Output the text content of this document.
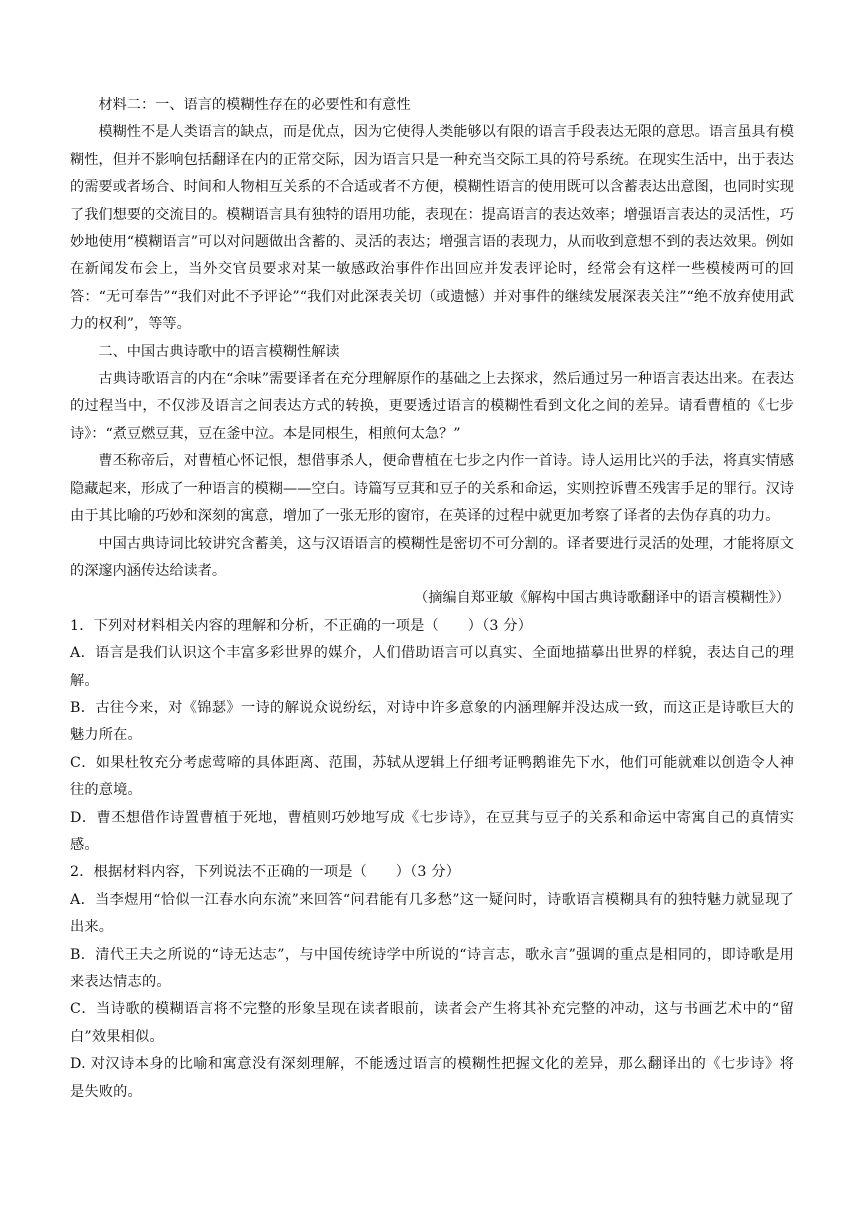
材料二：一、语言的模糊性存在的必要性和有意性

模糊性不是人类语言的缺点，而是优点，因为它使得人类能够以有限的语言手段表达无限的意思。语言虽具有模糊性，但并不影响包括翻译在内的正常交际，因为语言只是一种充当交际工具的符号系统。在现实生活中，出于表达的需要或者场合、时间和人物相互关系的不合适或者不方便，模糊性语言的使用既可以含蓄表达出意图，也同时实现了我们想要的交流目的。模糊语言具有独特的语用功能，表现在：提高语言的表达效率；增强语言表达的灵活性，巧妙地使用“模糊语言”可以对问题做出含蓄的、灵活的表达；增强言语的表现力，从而收到意想不到的表达效果。例如在新闻发布会上，当外交官员要求对某一敏感政治事件作出回应并发表评论时，经常会有这样一些模棱两可的回答：“无可奉告”“我们对此不予评论”“我们对此深表关切（或遗憾）并对事件的继续发展深表关注”“绝不放弃使用武力的权利”，等等。

二、中国古典诗歌中的语言模糊性解读

古典诗歌语言的内在“余味”需要译者在充分理解原作的基础之上去探求，然后通过另一种语言表达出来。在表达的过程当中，不仅涉及语言之间表达方式的转换，更要透过语言的模糊性看到文化之间的差异。请看曹植的《七步诗》：“煮豆燃豆萁，豆在釜中泣。本是同根生，相煎何太急？”

曹丕称帝后，对曹植心怀记恨，想借事杀人，便命曹植在七步之内作一首诗。诗人运用比兴的手法，将真实情感隐藏起来，形成了一种语言的模糊——空白。诗篇写豆萁和豆子的关系和命运，实则控诉曹丕残害手足的罪行。汉诗由于其比喻的巧妙和深刻的寓意，增加了一张无形的窗帘，在英译的过程中就更加考察了译者的去伪存真的功力。

中国古典诗词比较讲究含蓄美，这与汉语语言的模糊性是密切不可分割的。译者要进行灵活的处理，才能将原文的深邃内涵传达给读者。

（摘编自郑亚敏《解构中国古典诗歌翻译中的语言模糊性》）

1．下列对材料相关内容的理解和分析，不正确的一项是（　　）（3 分）

A．语言是我们认识这个丰富多彩世界的媒介，人们借助语言可以真实、全面地描摹出世界的样貌，表达自己的理解。

B．古往今来，对《锦瑟》一诗的解说众说纷纭，对诗中许多意象的内涵理解并没达成一致，而这正是诗歌巨大的魅力所在。

C．如果杜牧充分考虑莺啼的具体距离、范围，苏轼从逻辑上仔细考证鸭鹅谁先下水，他们可能就难以创造令人神往的意境。

D．曹丕想借作诗置曹植于死地，曹植则巧妙地写成《七步诗》，在豆萁与豆子的关系和命运中寄寓自己的真情实感。

2．根据材料内容，下列说法不正确的一项是（　　）（3 分）

A．当李煜用“恰似一江春水向东流”来回答“问君能有几多愁”这一疑问时，诗歌语言模糊具有的独特魅力就显现了出来。

B．清代王夫之所说的“诗无达志”，与中国传统诗学中所说的“诗言志，歌永言”强调的重点是相同的，即诗歌是用来表达情志的。

C．当诗歌的模糊语言将不完整的形象呈现在读者眼前，读者会产生将其补充完整的冲动，这与书画艺术中的“留白”效果相似。

D. 对汉诗本身的比喻和寓意没有深刻理解，不能透过语言的模糊性把握文化的差异，那么翻译出的《七步诗》将是失败的。
